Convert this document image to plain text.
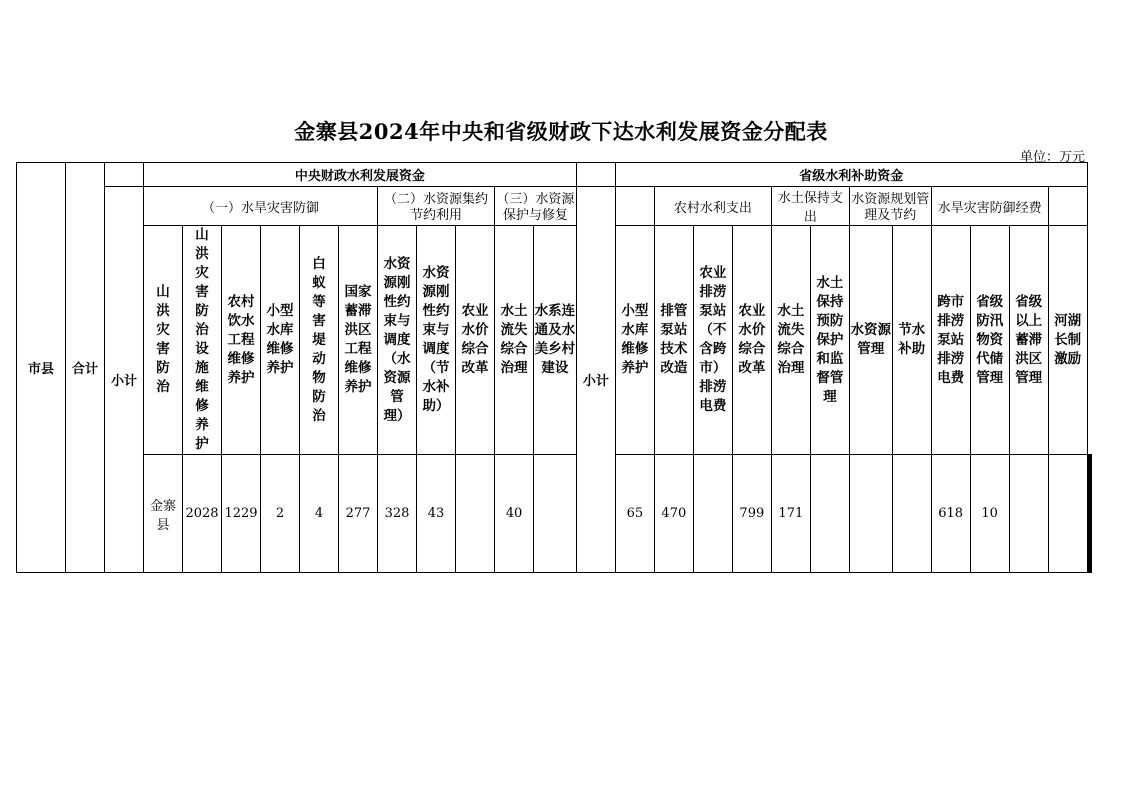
金寨县2024年中央和省级财政下达水利发展资金分配表
单位：万元
市县	合计		中央财政水利发展资金												省级水利补助资金													
		小计	（一）水旱灾害防御						（二）水资源集约节约利用			（三）水资源保护与修复		小计		农村水利支出			水土保持支出		水资源规划管理及节约		水旱灾害防御经费					
			山洪灾害防治	山洪灾害防治设施维修养护	农村饮水工程维修养护	小型水库维修养护	白蚁等害堤动物防治	国家蓄滞洪区工程维修养护	水资源刚性约束与调度（水资源管理）	水资源刚性约束与调度（节水补助）	农业水价综合改革	水土流失综合治理	水系连通及水美乡村建设		小型水库维修养护	排管泵站技术改造	农业排涝泵站（不含跨市）排涝电费	农业水价综合改革	水土流失综合治理	水土保持预防保护和监督管理	水资源管理	节水补助	跨市排涝泵站排涝电费	省级防汛物资代储管理	省级以上蓄滞洪区管理	河湖长制激励		
			金寨县	2028	1229	2	4	277	328	43		40			65	470		799	171				618	10						
